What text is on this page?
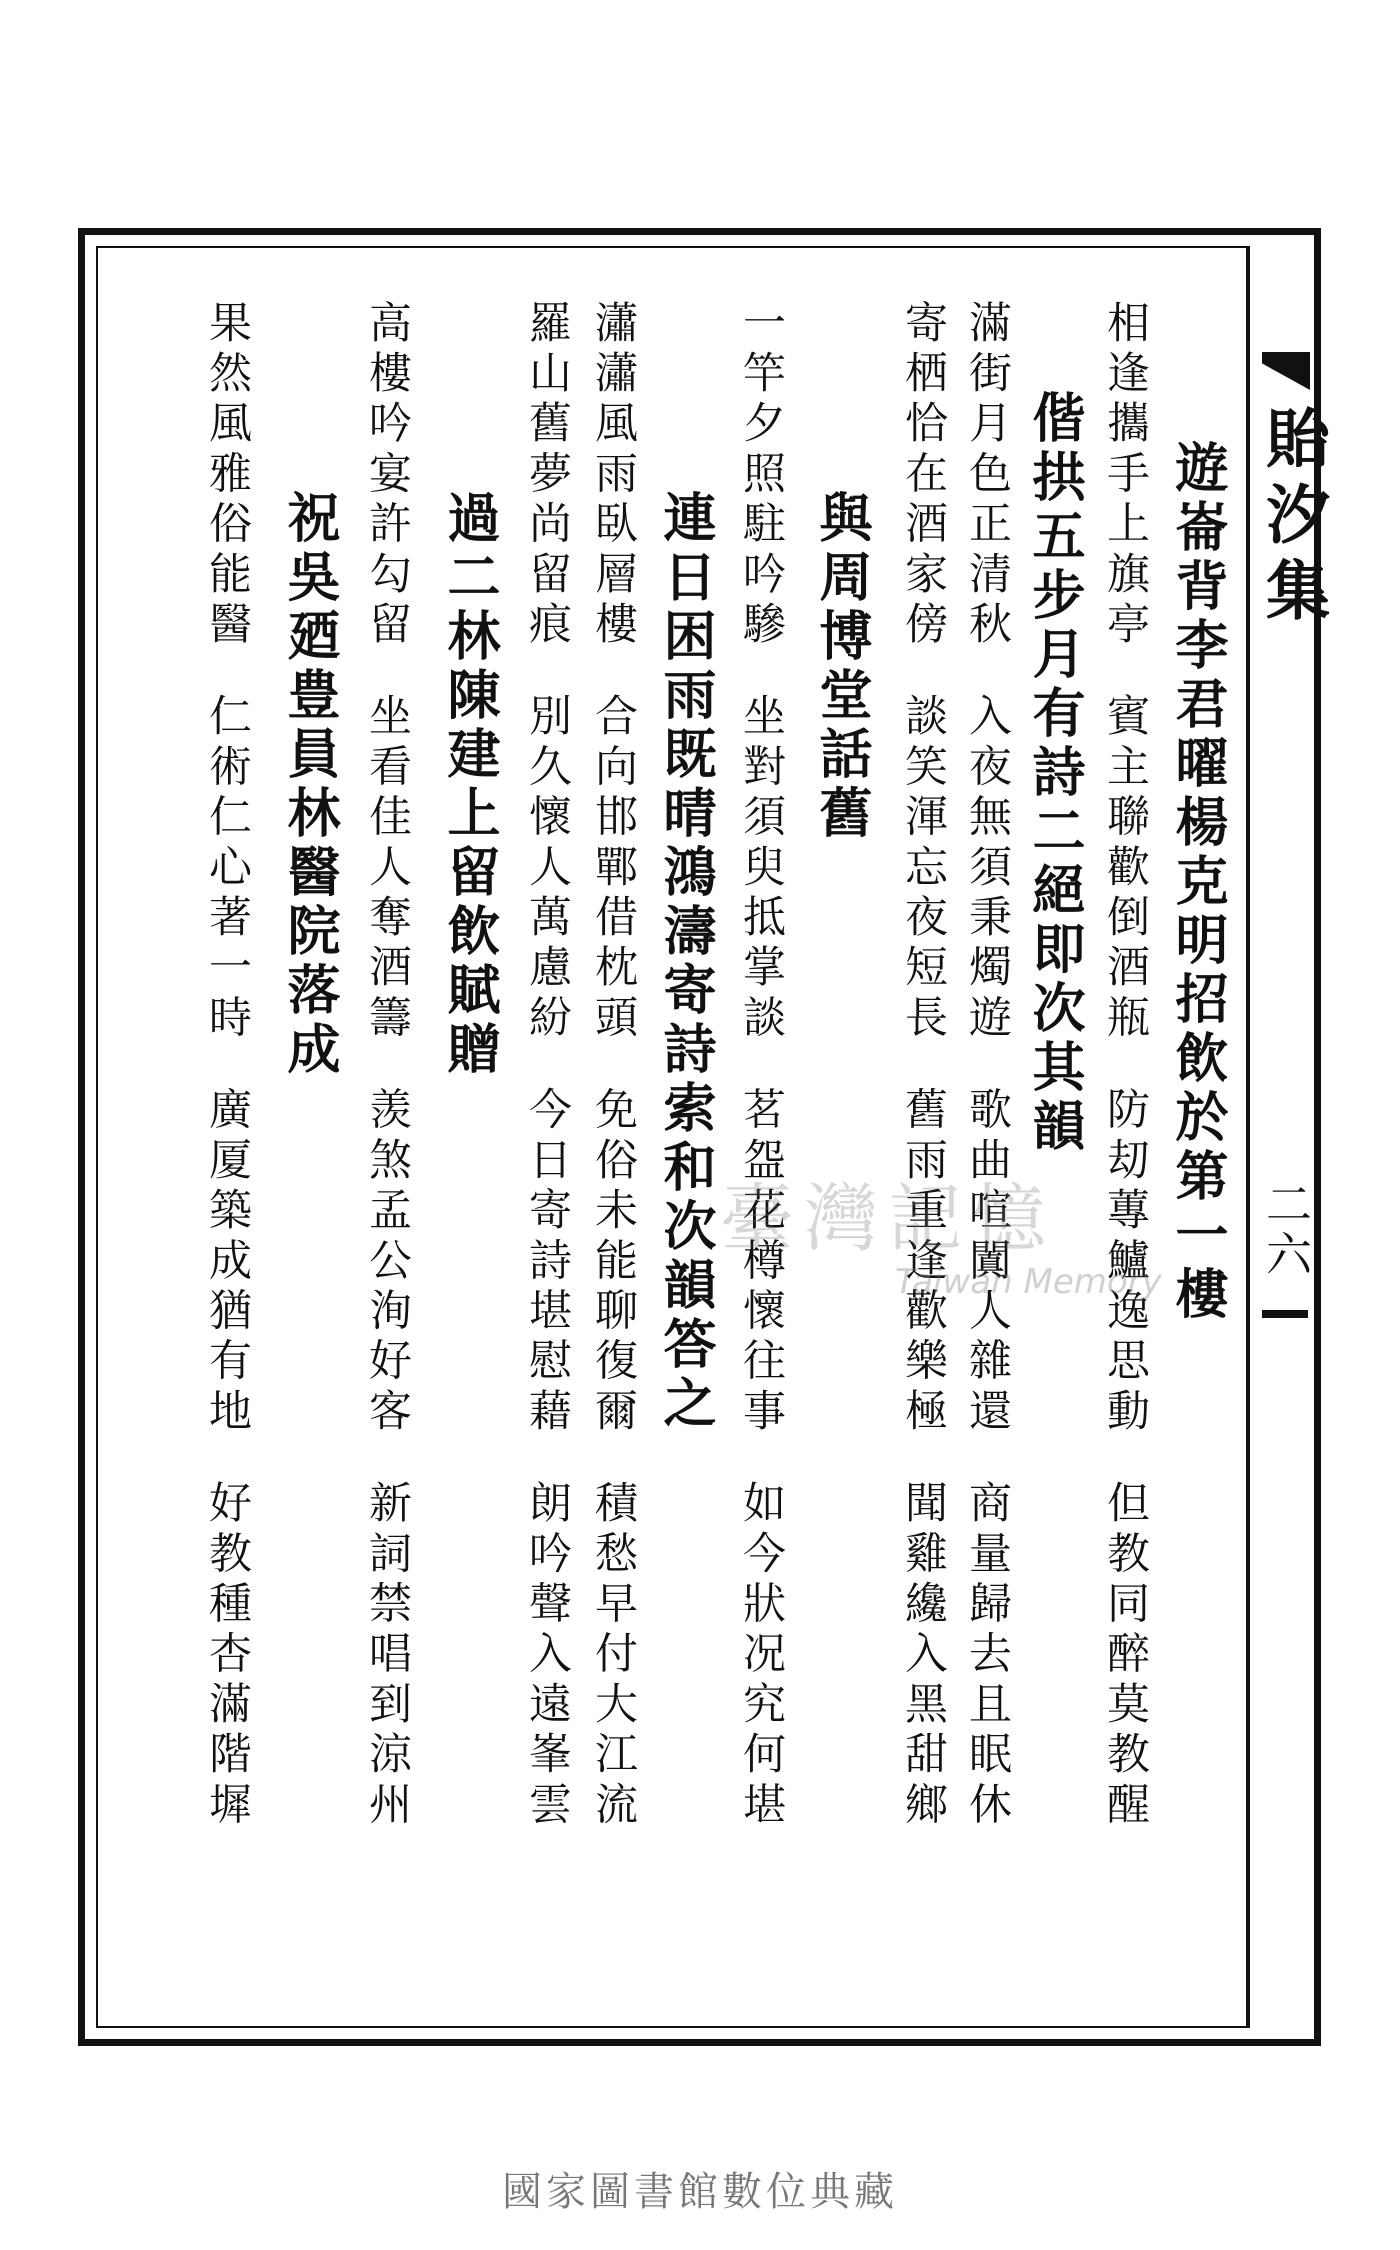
貽汐集
二六
遊崙背李君曜楊克明招飲於第一樓
相逢攜手上旗亭賓主聯歡倒酒瓶防刧蓴鱸逸思動但教同醉莫教醒
偕拱五步月有詩二絕即次其韻
滿街月色正清秋入夜無須秉燭遊歌曲喧闐人雜還商量歸去且眠休
寄栖恰在酒家傍談笑渾忘夜短長舊雨重逢歡樂極聞雞纔入黑甜鄉
與周博堂話舊
一竿夕照駐吟驂坐對須臾抵掌談茗盌花樽懷往事如今狀况究何堪
連日困雨既晴鴻濤寄詩索和次韻答之
瀟瀟風雨臥層樓合向邯鄲借枕頭免俗未能聊復爾積愁早付大江流
羅山舊夢尚留痕別久懷人萬慮紛今日寄詩堪慰藉朗吟聲入遠峯雲
過二林陳建上留飲賦贈
高樓吟宴許勾留坐看佳人奪酒籌羡煞孟公洵好客新詞禁唱到涼州
祝吳廼豊員林醫院落成
果然風雅俗能醫仁術仁心著一時廣厦築成猶有地好教種杏滿階墀
臺灣記憶
Taiwan Memory
國家圖書館數位典藏
